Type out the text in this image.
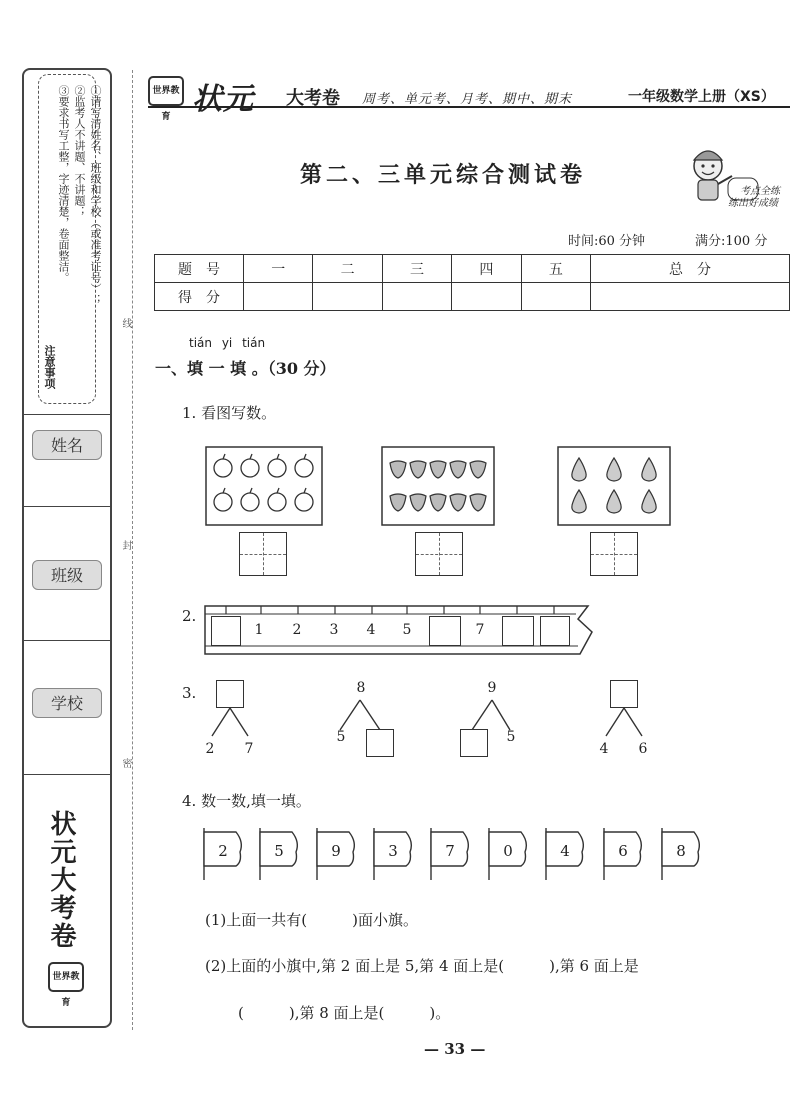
注意事项
①请写清姓名、班级和学校（或准考证号）；
②监考人不讲题、不讲题；
③要求书写工整，字迹清楚，卷面整洁。
姓名
班级
学校
状元大考卷
世界教育
线
封
密
世界教育 状元 大考卷 周考、单元考、月考、期中、期末	一年级数学上册（XS）
第二、三单元综合测试卷
考点全练
练出好成绩
时间:60 分钟	满分:100 分
题　号	一	二	三	四	五	总　分
得　分						
tián yi tián
一、填 一 填 。（30 分）
1. 看图写数。
2.
1 2 3 4 5	7
3.
2 7
8
5
9
5
4 6
4. 数一数,填一填。
2	5	9	3	7	0	4	6	8
(1)上面一共有(　　　)面小旗。
(2)上面的小旗中,第 2 面上是 5,第 4 面上是(　　　),第 6 面上是
(　　　),第 8 面上是(　　　)。
— 33 —
